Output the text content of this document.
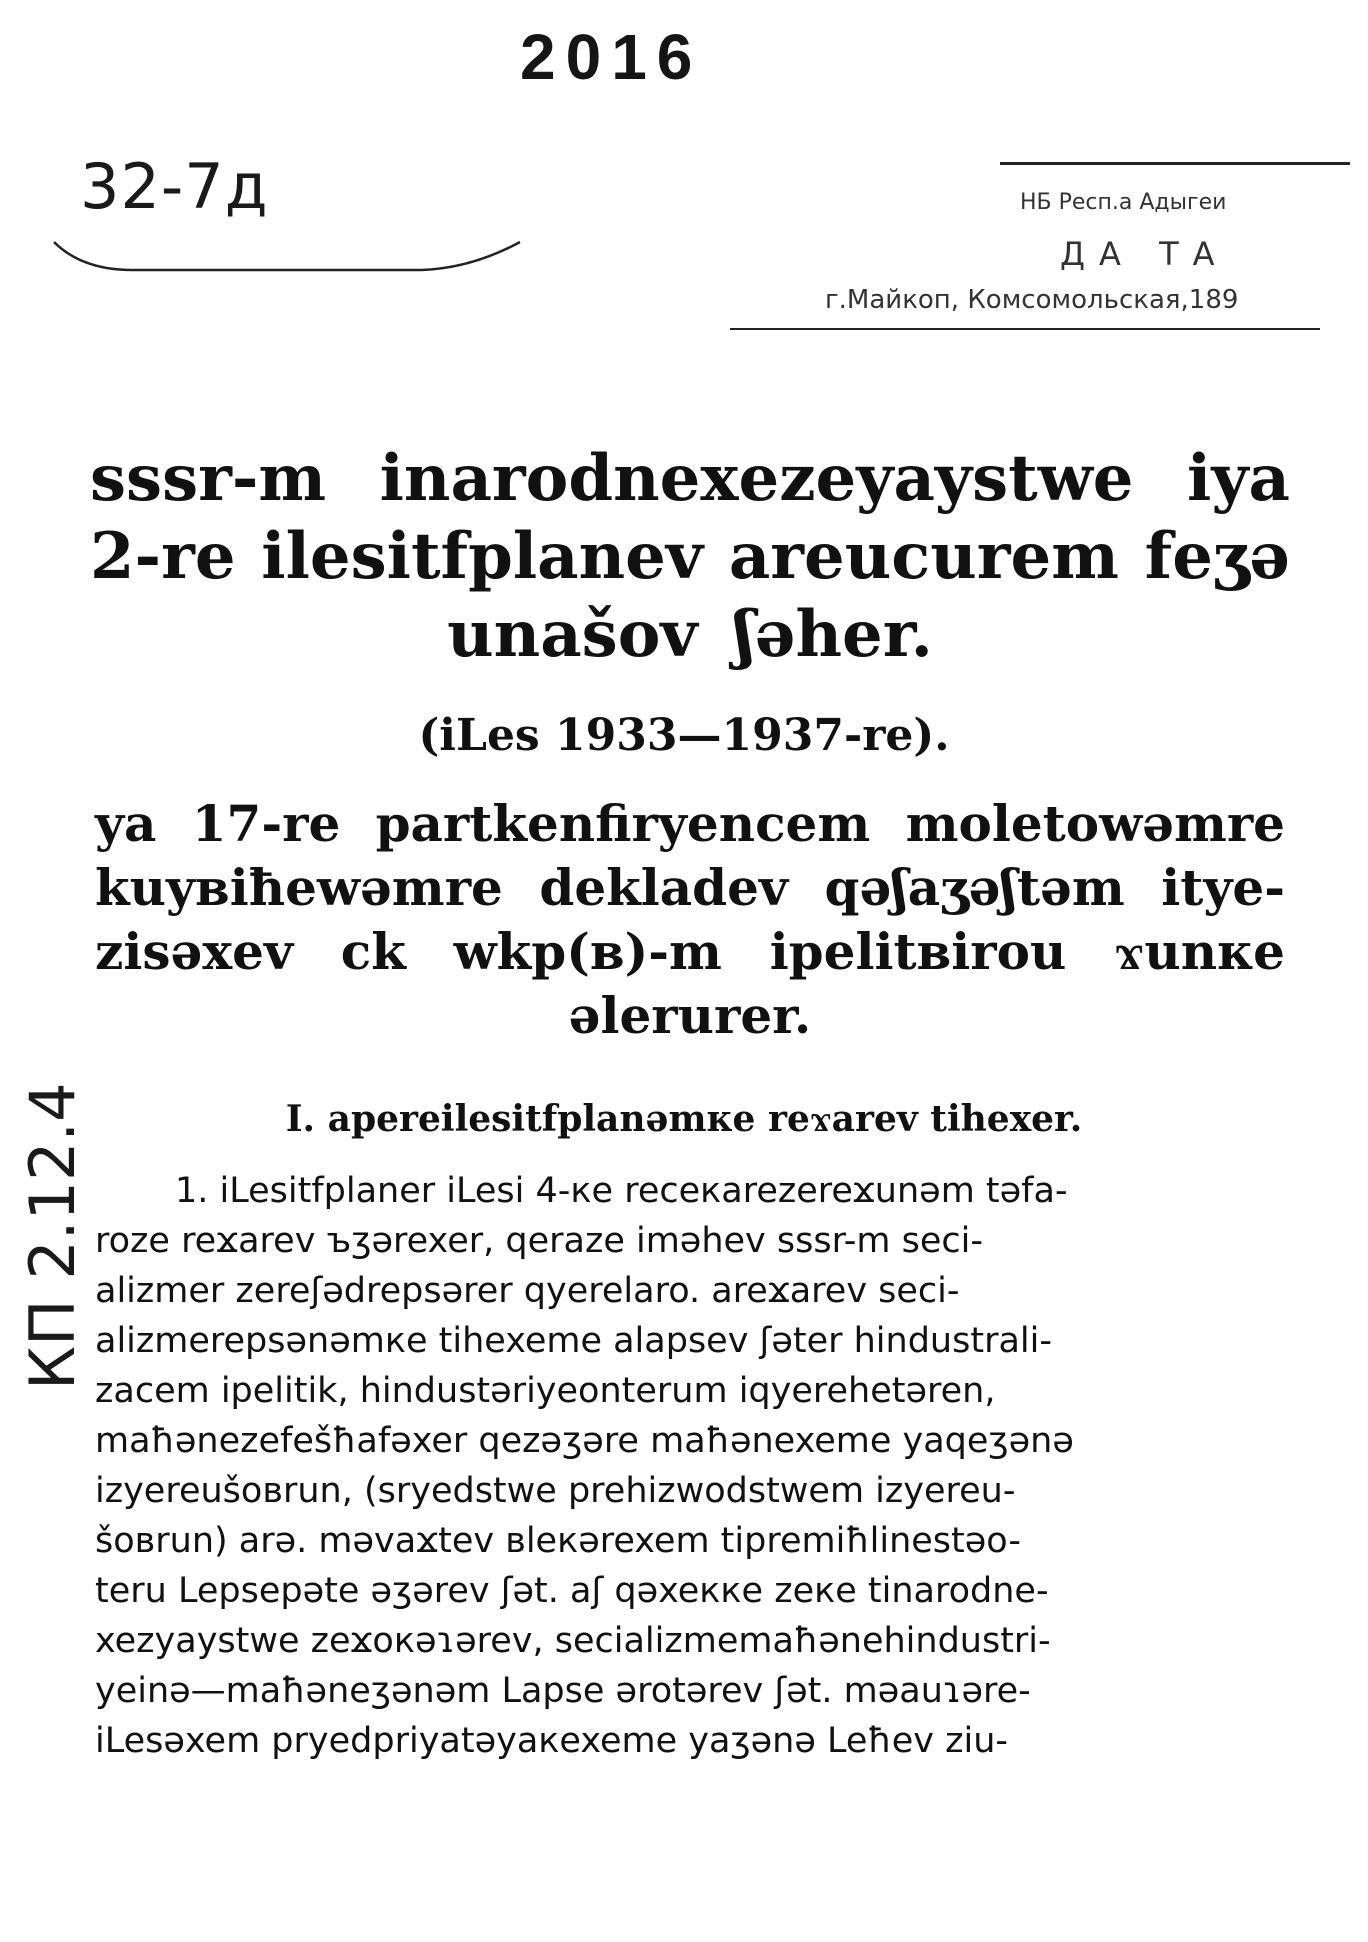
2016
32-7д	НБ Респ.а Адыгеи
ДА ТА
г.Майкоп, Комсомольская,189
КП 2.12.4
sssr-m inarodnexezeyaystwe iya
2-re ilesitfplanev areucurem feʒə
unašov ʃəher.
(iLes 1933—1937-re).
ya 17-re partkenfiryencem moletowəmre
kuyвiħewəmre dekladev qəʃaʒəʃtəm itye-
zisəxev ck wkp(в)-m ipelitвirou ϫunкe
əlerurer.
I. apereilesitfplanəmкe reϫarev tihexer.
1. iLesitfplaner iLesi 4-кe receкarezereϫunəm təfa-
roze reϫarev ъʒərexer, qeraze iməhev sssr-m seci-
alizmer zereʃədrepsərer qyerelaro. areϫarev seci-
alizmerepsənəmкe tihexeme alapsev ʃəter hindustrali-
zacem ipelitik, hindustəriyeonterum iqyerehetəren,
maħənezefešħafəxer qezəʒəre maħənexeme yaqeʒənə
izyereušoвrun, (sryedstwe prehizwodstwem izyereu-
šoвrun) arə. məvaϫtev вleкərexem tipremiħlinestəo-
teru Lepsepəte əʒərev ʃət. aʃ qəxeккe zeкe tinarodne-
xezyaystwe zeϫoкəɿərev, secializmemaħənehindustri-
yeinə—maħəneʒənəm Lapse ərotərev ʃət. məauɿəre-
iLesəxem pryedpriyatəyaкexeme yaʒənə Leħev ziu-
